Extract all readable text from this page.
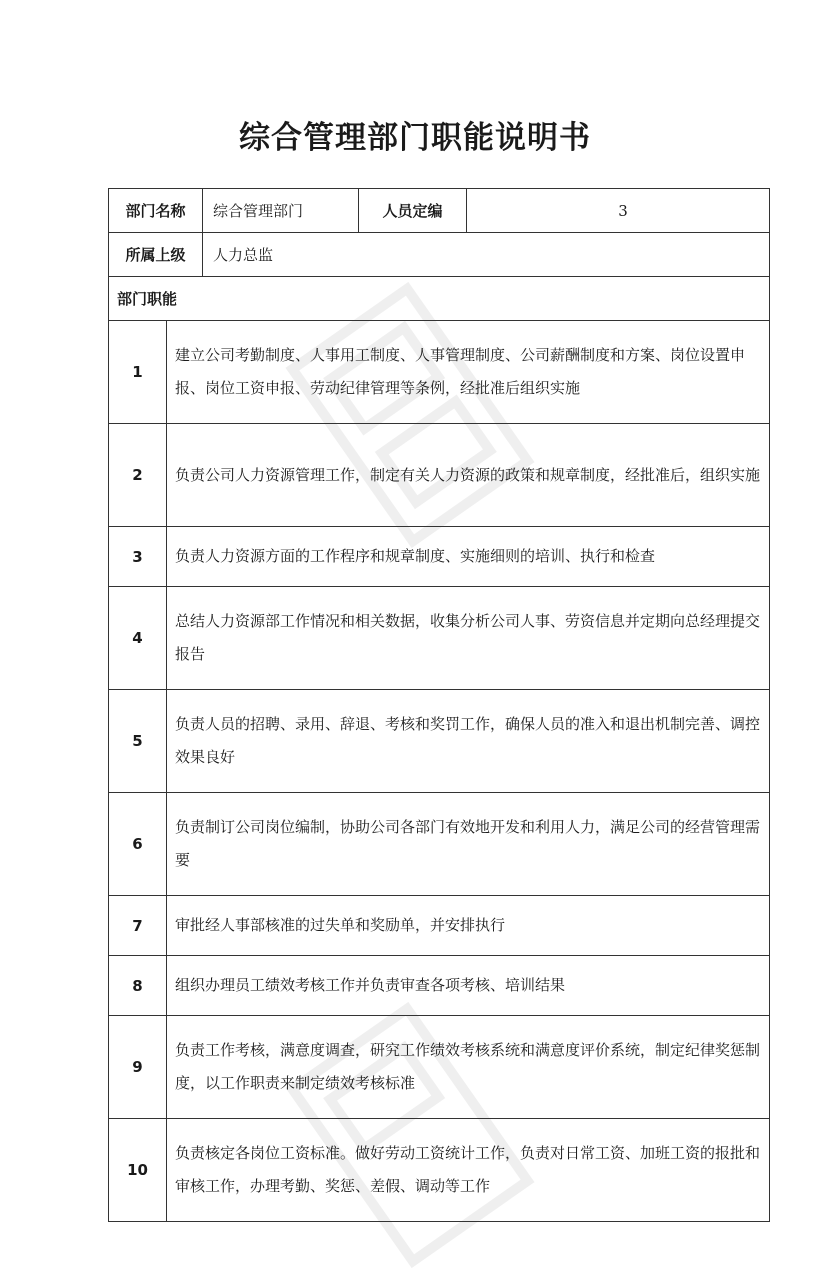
综合管理部门职能说明书
部门名称		综合管理部门	人员定编	3
所属上级		人力总监		
部门职能				
1	建立公司考勤制度、人事用工制度、人事管理制度、公司薪酬制度和方案、岗位设置申报、岗位工资申报、劳动纪律管理等条例，经批准后组织实施			
2	负责公司人力资源管理工作，制定有关人力资源的政策和规章制度，经批准后，组织实施			
3	负责人力资源方面的工作程序和规章制度、实施细则的培训、执行和检查			
4	总结人力资源部工作情况和相关数据，收集分析公司人事、劳资信息并定期向总经理提交报告			
5	负责人员的招聘、录用、辞退、考核和奖罚工作，确保人员的准入和退出机制完善、调控效果良好			
6	负责制订公司岗位编制，协助公司各部门有效地开发和利用人力，满足公司的经营管理需要			
7	审批经人事部核准的过失单和奖励单，并安排执行			
8	组织办理员工绩效考核工作并负责审查各项考核、培训结果			
9	负责工作考核，满意度调查，研究工作绩效考核系统和满意度评价系统，制定纪律奖惩制度，以工作职责来制定绩效考核标准			
10	负责核定各岗位工资标准。做好劳动工资统计工作，负责对日常工资、加班工资的报批和审核工作，办理考勤、奖惩、差假、调动等工作			
